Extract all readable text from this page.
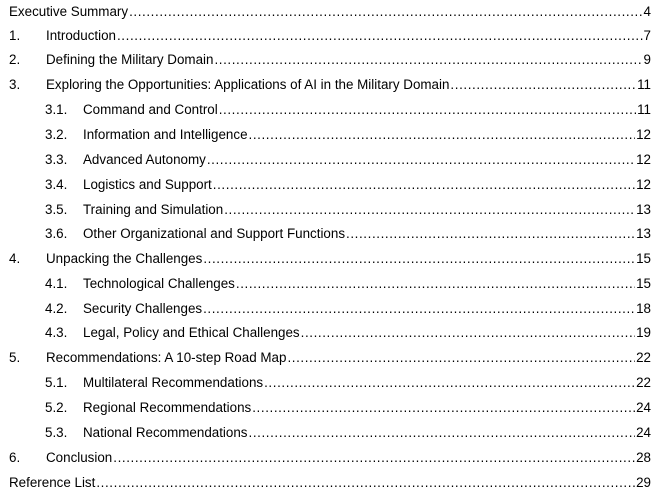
Executive Summary .....	4
1.	Introduction .....	7
2.	Defining the Military Domain .....	9
3.	Exploring the Opportunities: Applications of AI in the Military Domain .....	11
3.1.	Command and Control .....	11
3.2.	Information and Intelligence .....	12
3.3.	Advanced Autonomy .....	12
3.4.	Logistics and Support .....	12
3.5.	Training and Simulation .....	13
3.6.	Other Organizational and Support Functions .....	13
4.	Unpacking the Challenges .....	15
4.1.	Technological Challenges .....	15
4.2.	Security Challenges .....	18
4.3.	Legal, Policy and Ethical Challenges .....	19
5.	Recommendations: A 10-step Road Map .....	22
5.1.	Multilateral Recommendations .....	22
5.2.	Regional Recommendations .....	24
5.3.	National Recommendations .....	24
6.	Conclusion .....	28
Reference List .....	29
